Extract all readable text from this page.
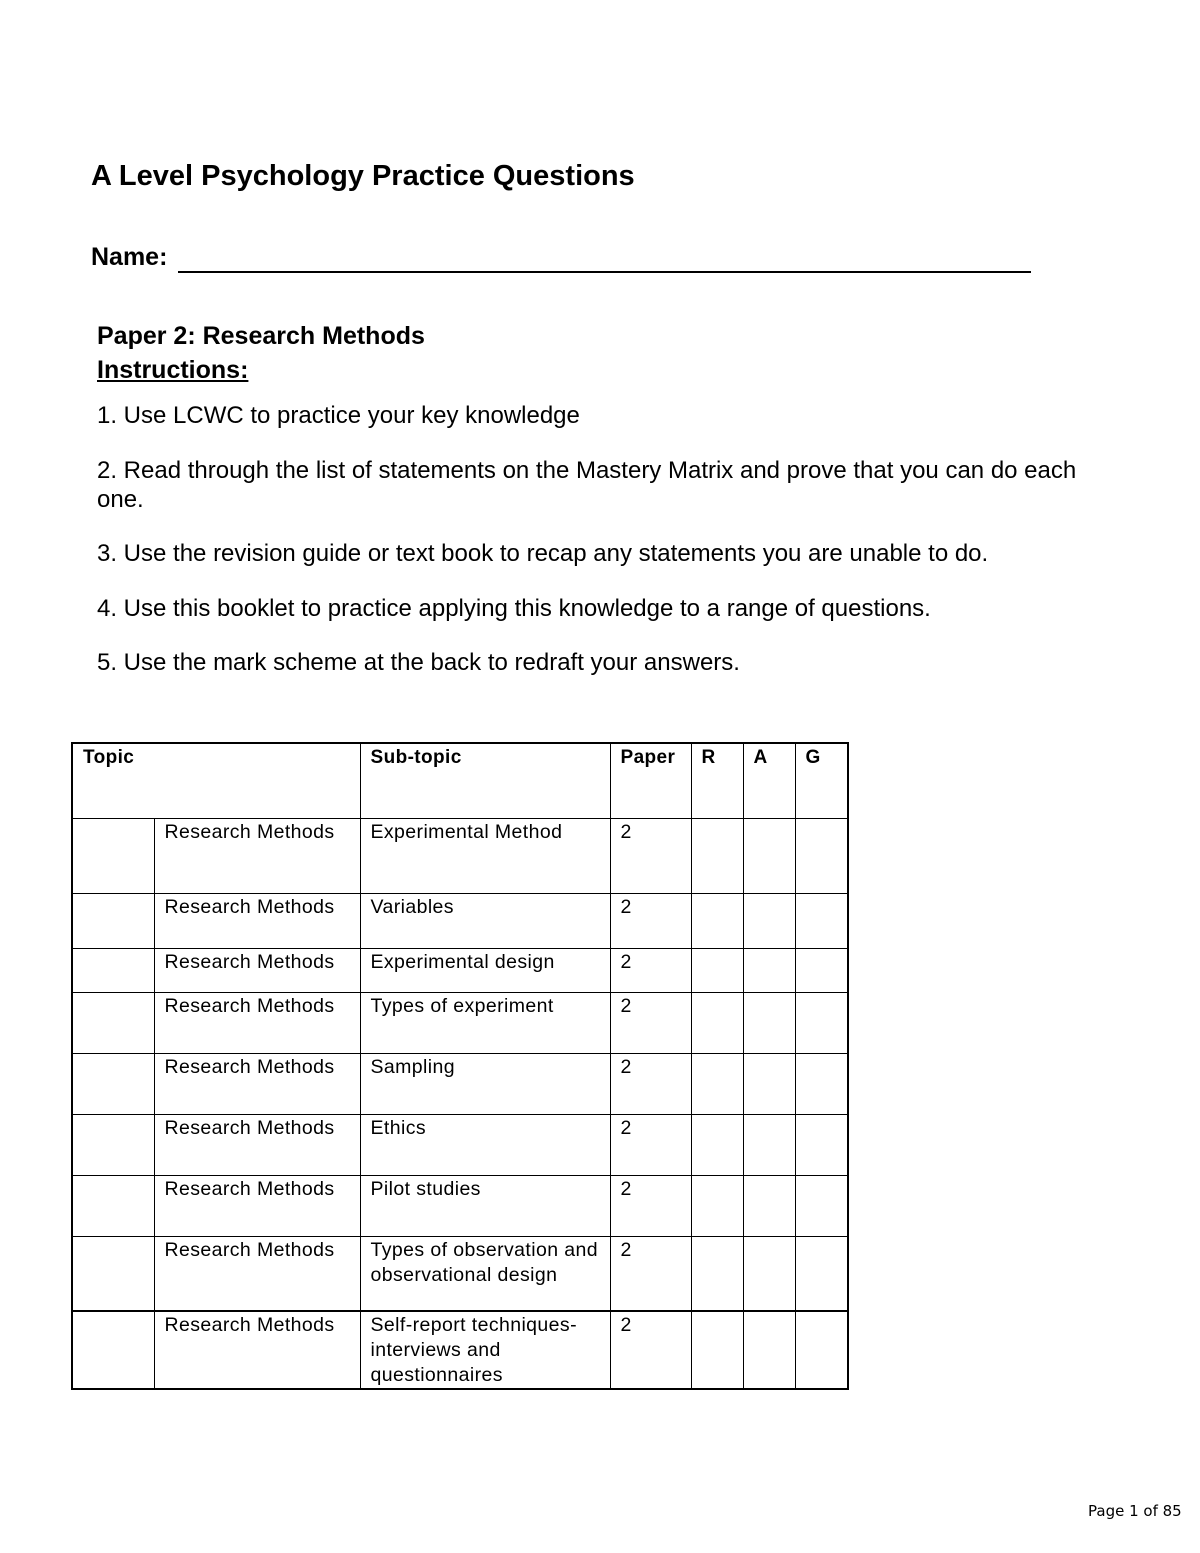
A Level Psychology Practice Questions
Name:
Paper 2: Research Methods
Instructions:
1. Use LCWC to practice your key knowledge
2. Read through the list of statements on the Mastery Matrix and prove that you can do each one.
3. Use the revision guide or text book to recap any statements you are unable to do.
4. Use this booklet to practice applying this knowledge to a range of questions.
5. Use the mark scheme at the back to redraft your answers.
Topic		Sub-topic	Paper	R	A	G
	Research Methods	Experimental Method	2			
	Research Methods	Variables	2			
	Research Methods	Experimental design	2			
	Research Methods	Types of experiment	2			
	Research Methods	Sampling	2			
	Research Methods	Ethics	2			
	Research Methods	Pilot studies	2			
	Research Methods	Types of observation and observational design	2			
	Research Methods	Self-report techniques- interviews and questionnaires	2			
Page 1 of 85
